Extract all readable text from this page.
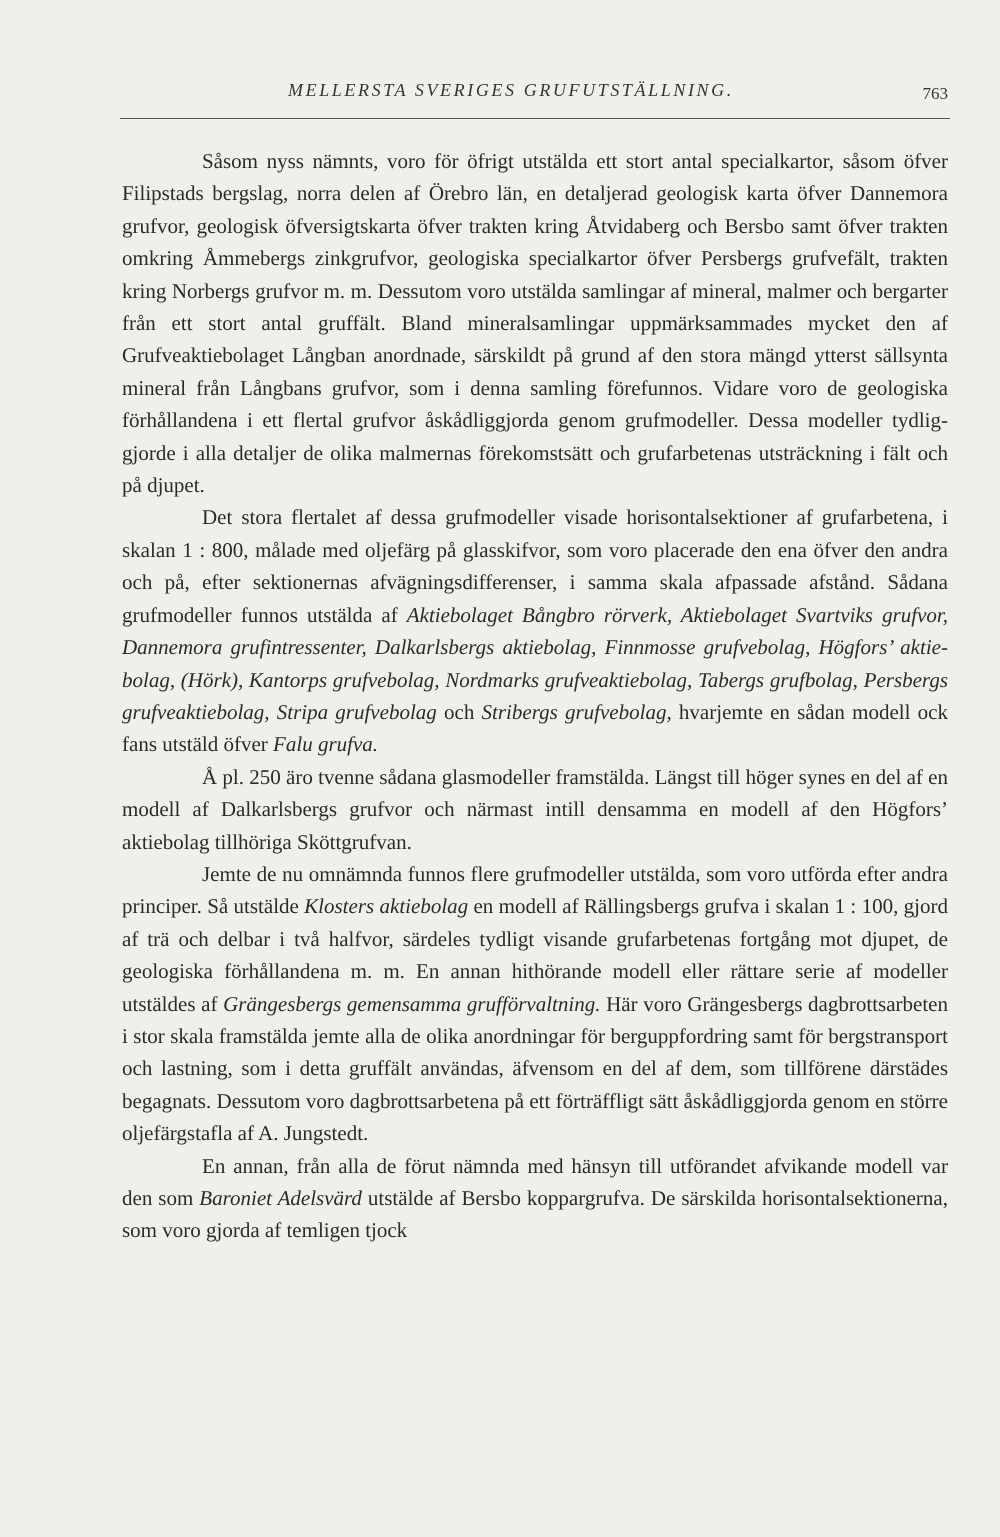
MELLERSTA SVERIGES GRUFUTSTÄLLNING.	763

Såsom nyss nämnts, voro för öfrigt utstälda ett stort antal specialkartor, såsom öfver Filipstads bergslag, norra delen af Örebro län, en detaljerad geologisk karta öfver Dannemora grufvor, geologisk öfversigtskarta öfver trakten kring Åtvidaberg och Bersbo samt öfver trakten omkring Åmmebergs zinkgrufvor, geologiska specialkartor öfver Persbergs grufvefält, trakten kring Norbergs grufvor m. m. Dessutom voro utstälda samlingar af mineral, malmer och bergarter från ett stort antal gruffält. Bland mineralsamlingar uppmärksammades mycket den af Grufveaktiebolaget Långban anordnade, särskildt på grund af den stora mängd ytterst sällsynta mineral från Långbans grufvor, som i denna samling förefunnos. Vidare voro de geologiska förhållandena i ett flertal grufvor åskådliggjorda genom grufmodeller. Dessa modeller tydliggjorde i alla detaljer de olika malmernas förekomstsätt och grufarbetenas utsträckning i fält och på djupet.

Det stora flertalet af dessa grufmodeller visade horisontalsektioner af grufarbetena, i skalan 1 : 800, målade med oljefärg på glasskifvor, som voro placerade den ena öfver den andra och på, efter sektionernas afvägningsdifferenser, i samma skala afpassade afstånd. Sådana grufmodeller funnos utstälda af Aktiebolaget Bångbro rörverk, Aktiebolaget Svartviks grufvor, Dannemora grufintressenter, Dalkarlsbergs aktiebolag, Finnmosse grufvebolag, Högfors’ aktiebolag, (Hörk), Kantorps grufvebolag, Nordmarks grufveaktiebolag, Tabergs grufbolag, Persbergs grufveaktiebolag, Stripa grufvebolag och Stribergs grufvebolag, hvarjemte en sådan modell ock fans utstäld öfver Falu grufva.

Å pl. 250 äro tvenne sådana glasmodeller framstälda. Längst till höger synes en del af en modell af Dalkarlsbergs grufvor och närmast intill densamma en modell af den Högfors’ aktiebolag tillhöriga Sköttgrufvan.

Jemte de nu omnämnda funnos flere grufmodeller utstälda, som voro utförda efter andra principer. Så utstälde Klosters aktiebolag en modell af Rällingsbergs grufva i skalan 1 : 100, gjord af trä och delbar i två halfvor, särdeles tydligt visande grufarbetenas fortgång mot djupet, de geologiska förhållandena m. m. En annan hithörande modell eller rättare serie af modeller utstäldes af Grängesbergs gemensamma grufförvaltning. Här voro Grängesbergs dagbrottsarbeten i stor skala framstälda jemte alla de olika anordningar för berguppfordring samt för bergstransport och lastning, som i detta gruffält användas, äfvensom en del af dem, som tillförene därstädes begagnats. Dessutom voro dagbrottsarbetena på ett förträffligt sätt åskådliggjorda genom en större oljefärgstafla af A. Jungstedt.

En annan, från alla de förut nämnda med hänsyn till utförandet afvikande modell var den som Baroniet Adelsvärd utstälde af Bersbo koppargrufva. De särskilda horisontalsektionerna, som voro gjorda af temligen tjock
